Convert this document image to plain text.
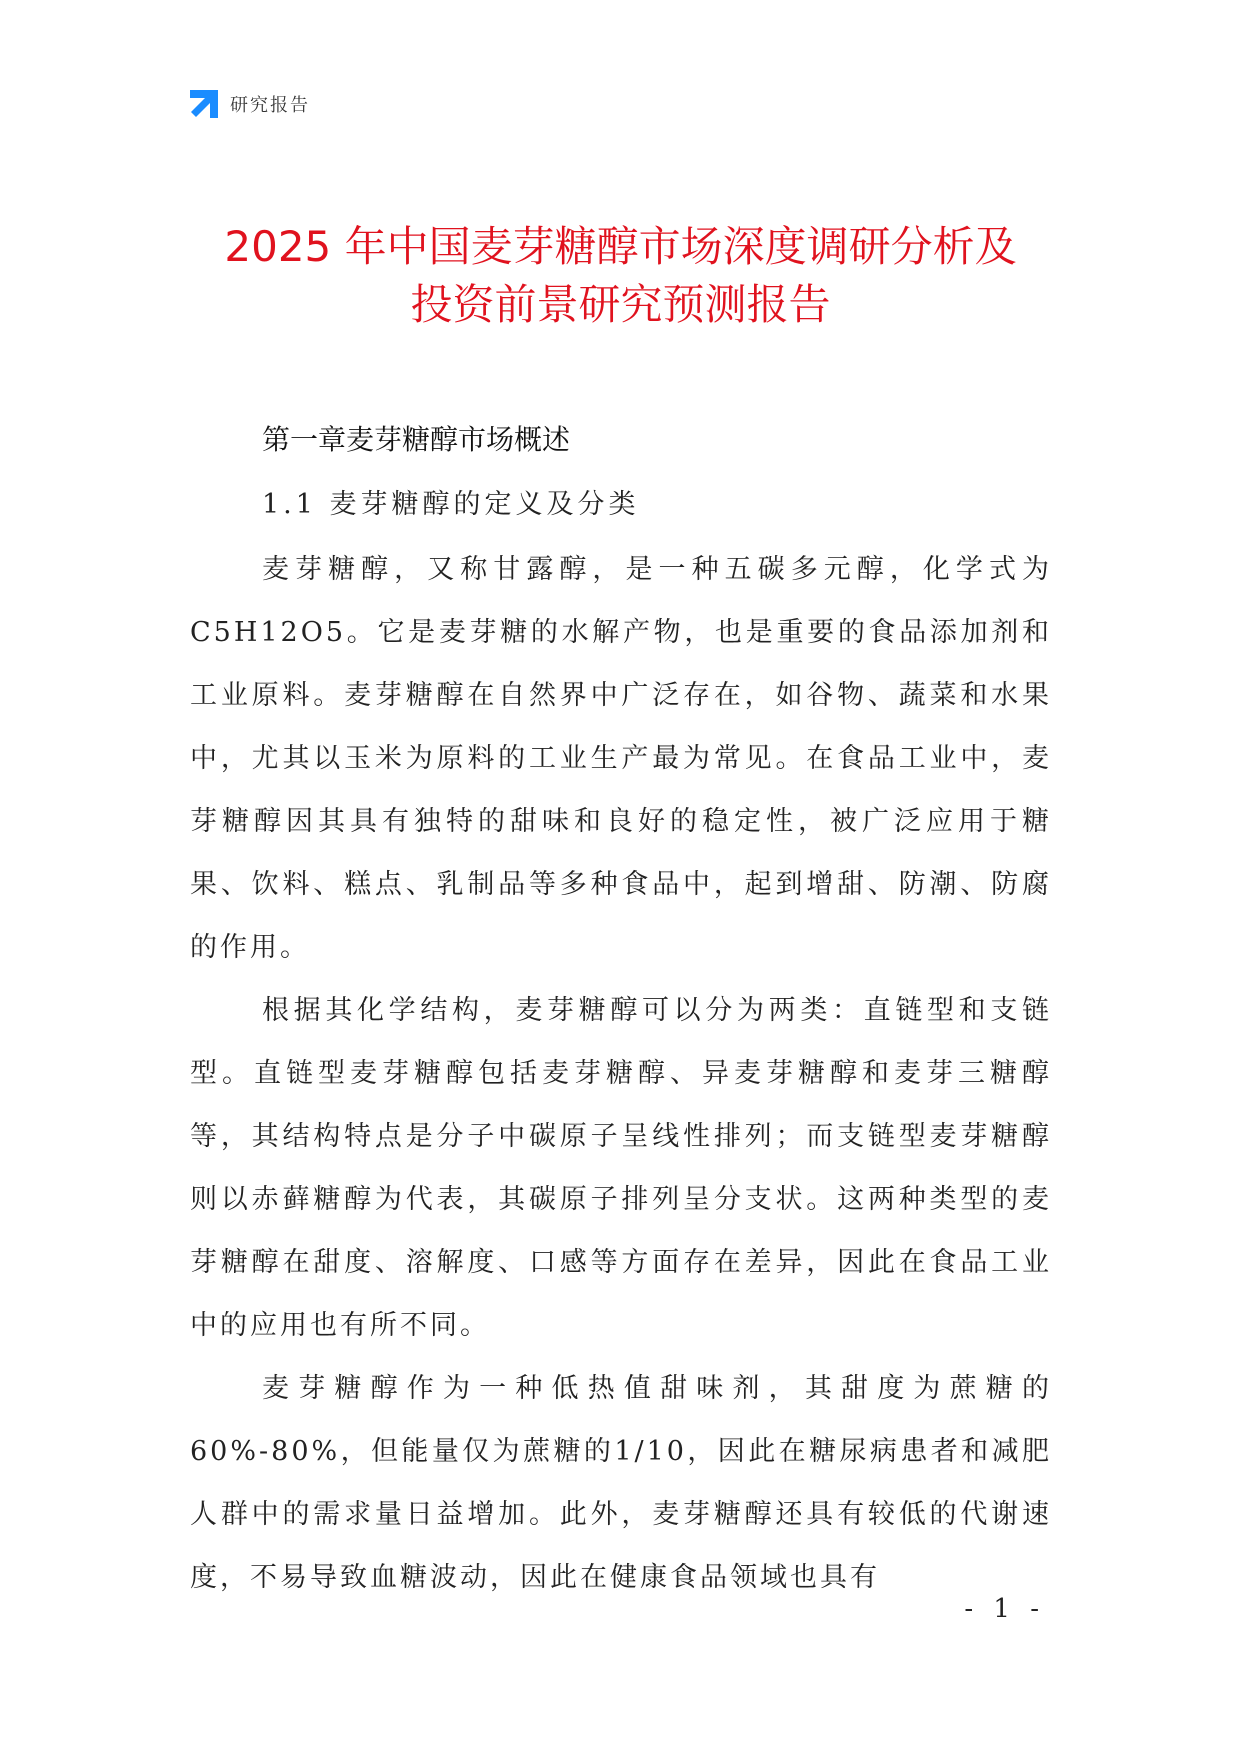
研究报告
2025 年中国麦芽糖醇市场深度调研分析及
投资前景研究预测报告
第一章麦芽糖醇市场概述
1.1 麦芽糖醇的定义及分类

麦芽糖醇，又称甘露醇，是一种五碳多元醇，化学式为C5H12O5。它是麦芽糖的水解产物，也是重要的食品添加剂和工业原料。麦芽糖醇在自然界中广泛存在，如谷物、蔬菜和水果中，尤其以玉米为原料的工业生产最为常见。在食品工业中，麦芽糖醇因其具有独特的甜味和良好的稳定性，被广泛应用于糖果、饮料、糕点、乳制品等多种食品中，起到增甜、防潮、防腐的作用。

根据其化学结构，麦芽糖醇可以分为两类：直链型和支链型。直链型麦芽糖醇包括麦芽糖醇、异麦芽糖醇和麦芽三糖醇等，其结构特点是分子中碳原子呈线性排列；而支链型麦芽糖醇则以赤藓糖醇为代表，其碳原子排列呈分支状。这两种类型的麦芽糖醇在甜度、溶解度、口感等方面存在差异，因此在食品工业中的应用也有所不同。

麦芽糖醇作为一种低热值甜味剂，其甜度为蔗糖的60%-80%，但能量仅为蔗糖的1/10，因此在糖尿病患者和减肥人群中的需求量日益增加。此外，麦芽糖醇还具有较低的代谢速度，不易导致血糖波动，因此在健康食品领域也具有

- 1 -
